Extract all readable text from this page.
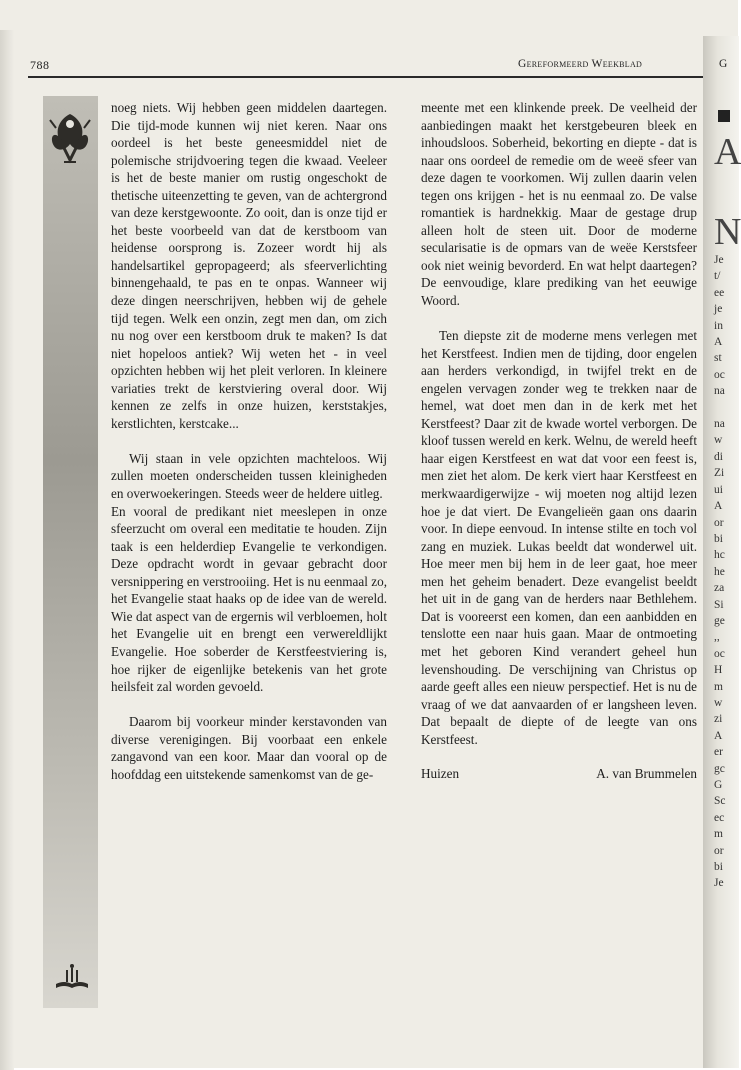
788	Gereformeerd Weekblad

noeg niets. Wij hebben geen middelen daartegen. Die tijd-mode kunnen wij niet keren. Naar ons oordeel is het beste geneesmiddel niet de polemische strijdvoering tegen die kwaad. Veeleer is het de beste manier om rustig ongeschokt de thetische uiteenzetting te geven, van de achtergrond van deze kerstgewoonte. Zo ooit, dan is onze tijd er het beste voorbeeld van dat de kerstboom van heidense oorsprong is. Zozeer wordt hij als handelsartikel gepropageerd; als sfeerverlichting binnengehaald, te pas en te onpas. Wanneer wij deze dingen neerschrijven, hebben wij de gehele tijd tegen. Welk een onzin, zegt men dan, om zich nu nog over een kerstboom druk te maken? Is dat niet hopeloos antiek? Wij weten het - in veel opzichten hebben wij het pleit verloren. In kleinere variaties trekt de kerstviering overal door. Wij kennen ze zelfs in onze huizen, kerststakjes, kerstlichten, kerstcake...

Wij staan in vele opzichten machteloos. Wij zullen moeten onderscheiden tussen kleinigheden en overwoekeringen. Steeds weer de heldere uitleg.

En vooral de predikant niet meeslepen in onze sfeerzucht om overal een meditatie te houden. Zijn taak is een helderdiep Evangelie te verkondigen. Deze opdracht wordt in gevaar gebracht door versnippering en verstrooiing. Het is nu eenmaal zo, het Evangelie staat haaks op de idee van de wereld. Wie dat aspect van de ergernis wil verbloemen, holt het Evangelie uit en brengt een verwereldlijkt Evangelie. Hoe soberder de Kerstfeestviering is, hoe rijker de eigenlijke betekenis van het grote heilsfeit zal worden gevoeld.

Daarom bij voorkeur minder kerstavonden van diverse verenigingen. Bij voorbaat een enkele zangavond van een koor. Maar dan vooral op de hoofddag een uitstekende samenkomst van de ge-

meente met een klinkende preek. De veelheid der aanbiedingen maakt het kerstgebeuren bleek en inhoudsloos. Soberheid, bekorting en diepte - dat is naar ons oordeel de remedie om de weeë sfeer van deze dagen te voorkomen. Wij zullen daarin velen tegen ons krijgen - het is nu eenmaal zo. De valse romantiek is hardnekkig. Maar de gestage drup alleen holt de steen uit. Door de moderne secularisatie is de opmars van de weëe Kerstsfeer ook niet weinig bevorderd. En wat helpt daartegen? De eenvoudige, klare prediking van het eeuwige Woord.

Ten diepste zit de moderne mens verlegen met het Kerstfeest. Indien men de tijding, door engelen aan herders verkondigd, in twijfel trekt en de engelen vervagen zonder weg te trekken naar de hemel, wat doet men dan in de kerk met het Kerstfeest? Daar zit de kwade wortel verborgen. De kloof tussen wereld en kerk. Welnu, de wereld heeft haar eigen Kerstfeest en wat dat voor een feest is, men ziet het alom. De kerk viert haar Kerstfeest en merkwaardigerwijze - wij moeten nog altijd lezen hoe je dat viert. De Evangelieën gaan ons daarin voor. In diepe eenvoud. In intense stilte en toch vol zang en muziek. Lukas beeldt dat wonderwel uit. Hoe meer men bij hem in de leer gaat, hoe meer men het geheim benadert. Deze evangelist beeldt het uit in de gang van de herders naar Bethlehem. Dat is vooreerst een komen, dan een aanbidden en tenslotte een naar huis gaan. Maar de ontmoeting met het geboren Kind verandert geheel hun levenshouding. De verschijning van Christus op aarde geeft alles een nieuw perspectief. Het is nu de vraag of we dat aanvaarden of er langsheen leven. Dat bepaalt de diepte of de leegte van ons Kerstfeest.

Huizen	A. van Brummelen
G
A
N
Je
t/
ee
je
in
A
st
oc
na

na
w
di
Zi
ui
A
or
bi
hc
he
za
Si
ge
,,
oc
H
m
w
zi
A
er
gc
G
Sc
ec
m
or
bi
Je
